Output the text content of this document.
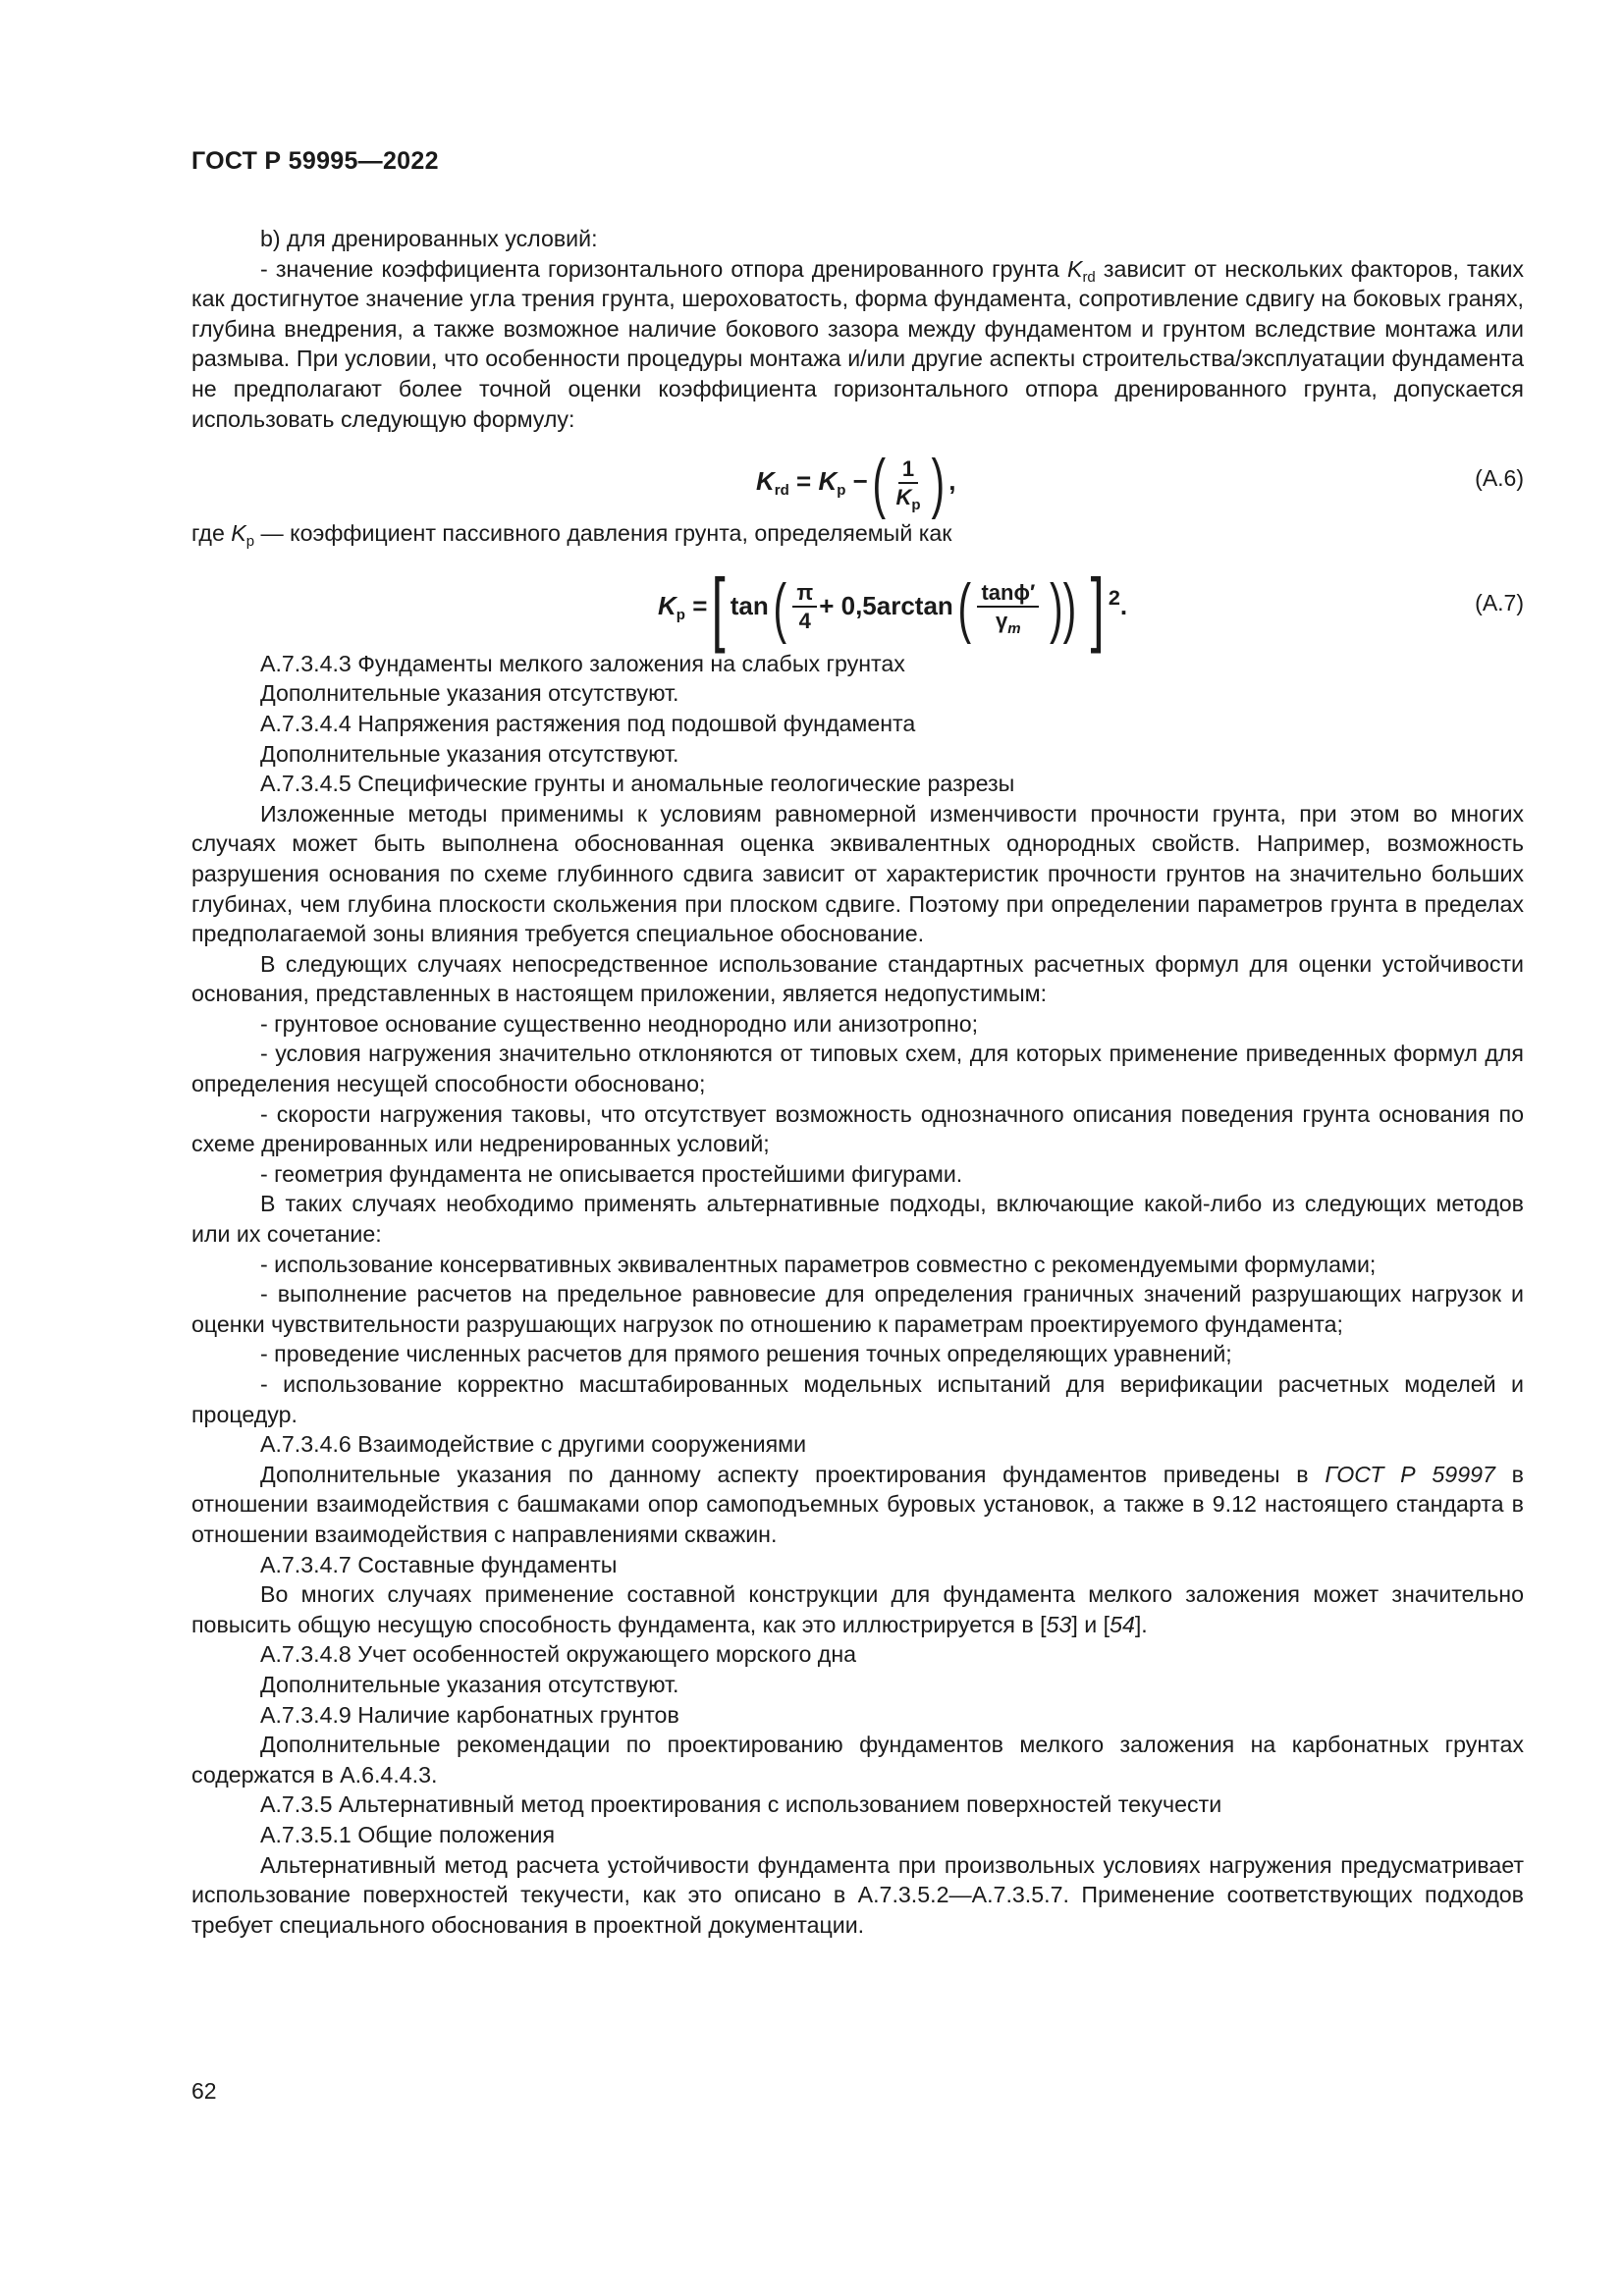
ГОСТ Р 59995—2022

b) для дренированных условий:

- значение коэффициента горизонтального отпора дренированного грунта $K_{rd}$ зависит от нескольких факторов, таких как достигнутое значение угла трения грунта, шероховатость, форма фундамента, сопротивление сдвигу на боковых гранях, глубина внедрения, а также возможное наличие бокового зазора между фундаментом и грунтом вследствие монтажа или размыва. При условии, что особенности процедуры монтажа и/или другие аспекты строительства/эксплуатации фундамента не предполагают более точной оценки коэффициента горизонтального отпора дренированного грунта, допускается использовать следующую формулу:

$K_{rd} = K_p$ −( $\frac{1}{K_p}$ ) ,	(A.6)

где $K_p$ — коэффициент пассивного давления грунта, определяемый как

$K_p$ =[ $\tan( \frac{\pi}{4} + 0,5\arctan( \frac{\tan\phi'}{\gamma_m}$ )) ] $^2$.	(A.7)

A.7.3.4.3 Фундаменты мелкого заложения на слабых грунтах

Дополнительные указания отсутствуют.

A.7.3.4.4 Напряжения растяжения под подошвой фундамента

Дополнительные указания отсутствуют.

A.7.3.4.5 Специфические грунты и аномальные геологические разрезы

Изложенные методы применимы к условиям равномерной изменчивости прочности грунта, при этом во многих случаях может быть выполнена обоснованная оценка эквивалентных однородных свойств. Например, возможность разрушения основания по схеме глубинного сдвига зависит от характеристик прочности грунтов на значительно больших глубинах, чем глубина плоскости скольжения при плоском сдвиге. Поэтому при определении параметров грунта в пределах предполагаемой зоны влияния требуется специальное обоснование.

В следующих случаях непосредственное использование стандартных расчетных формул для оценки устойчивости основания, представленных в настоящем приложении, является недопустимым:

- грунтовое основание существенно неоднородно или анизотропно;

- условия нагружения значительно отклоняются от типовых схем, для которых применение приведенных формул для определения несущей способности обосновано;

- скорости нагружения таковы, что отсутствует возможность однозначного описания поведения грунта основания по схеме дренированных или недренированных условий;

- геометрия фундамента не описывается простейшими фигурами.

В таких случаях необходимо применять альтернативные подходы, включающие какой-либо из следующих методов или их сочетание:

- использование консервативных эквивалентных параметров совместно с рекомендуемыми формулами;

- выполнение расчетов на предельное равновесие для определения граничных значений разрушающих нагрузок и оценки чувствительности разрушающих нагрузок по отношению к параметрам проектируемого фундамента;

- проведение численных расчетов для прямого решения точных определяющих уравнений;

- использование корректно масштабированных модельных испытаний для верификации расчетных моделей и процедур.

A.7.3.4.6 Взаимодействие с другими сооружениями

Дополнительные указания по данному аспекту проектирования фундаментов приведены в ГОСТ Р 59997 в отношении взаимодействия с башмаками опор самоподъемных буровых установок, а также в 9.12 настоящего стандарта в отношении взаимодействия с направлениями скважин.

A.7.3.4.7 Составные фундаменты

Во многих случаях применение составной конструкции для фундамента мелкого заложения может значительно повысить общую несущую способность фундамента, как это иллюстрируется в [53] и [54].

A.7.3.4.8 Учет особенностей окружающего морского дна

Дополнительные указания отсутствуют.

A.7.3.4.9 Наличие карбонатных грунтов

Дополнительные рекомендации по проектированию фундаментов мелкого заложения на карбонатных грунтах содержатся в А.6.4.4.3.

A.7.3.5 Альтернативный метод проектирования с использованием поверхностей текучести

A.7.3.5.1 Общие положения

Альтернативный метод расчета устойчивости фундамента при произвольных условиях нагружения предусматривает использование поверхностей текучести, как это описано в А.7.3.5.2—А.7.3.5.7. Применение соответствующих подходов требует специального обоснования в проектной документации.

62
